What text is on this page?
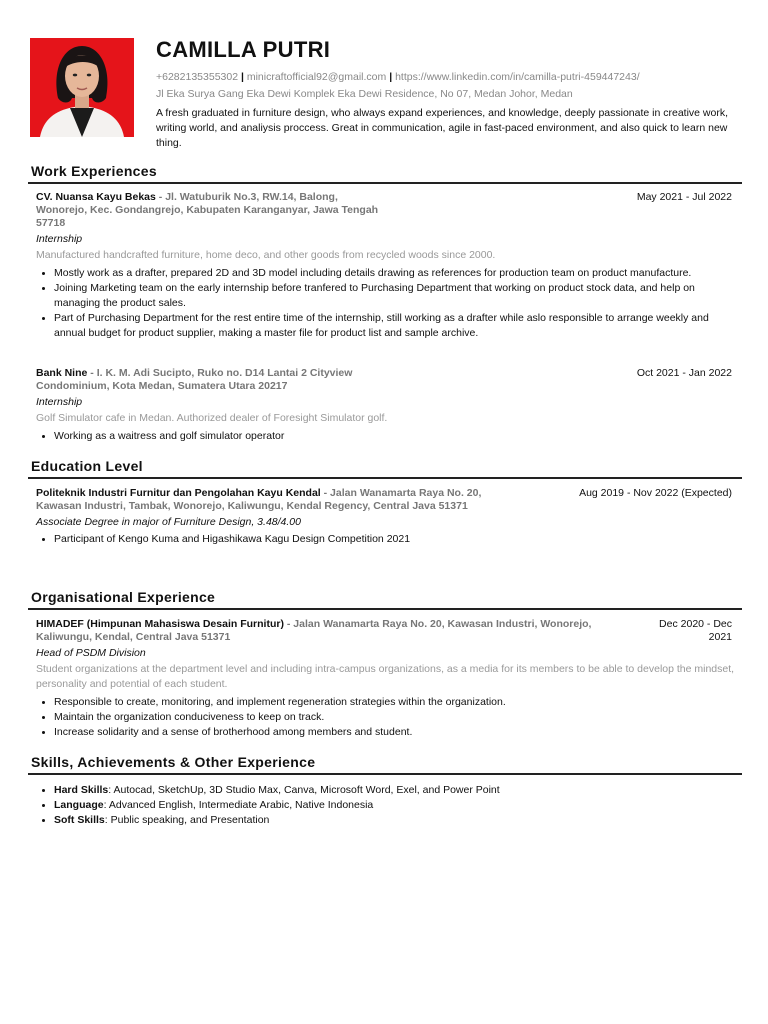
CAMILLA PUTRI
+6282135355302 | minicraftofficial92@gmail.com | https://www.linkedin.com/in/camilla-putri-459447243/
Jl Eka Surya Gang Eka Dewi Komplek Eka Dewi Residence, No 07, Medan Johor, Medan
A fresh graduated in furniture design, who always expand experiences, and knowledge, deeply passionate in creative work, writing world, and analiysis proccess. Great in communication, agile in fast-paced environment, and also quick to learn new thing.
Work Experiences
CV. Nuansa Kayu Bekas - Jl. Watuburik No.3, RW.14, Balong, Wonorejo, Kec. Gondangrejo, Kabupaten Karanganyar, Jawa Tengah 57718
May 2021 - Jul 2022
Internship
Manufactured handcrafted furniture, home deco, and other goods from recycled woods since 2000.
• Mostly work as a drafter, prepared 2D and 3D model including details drawing as references for production team on product manufacture.
• Joining Marketing team on the early internship before tranfered to Purchasing Department that working on product stock data, and help on managing the product sales.
• Part of Purchasing Department for the rest entire time of the internship, still working as a drafter while aslo responsible to arrange weekly and annual budget for product supplier, making a master file for product list and sample archive.
Bank Nine - I. K. M. Adi Sucipto, Ruko no. D14 Lantai 2 Cityview Condominium, Kota Medan, Sumatera Utara 20217
Oct 2021 - Jan 2022
Internship
Golf Simulator cafe in Medan. Authorized dealer of Foresight Simulator golf.
• Working as a waitress and golf simulator operator
Education Level
Politeknik Industri Furnitur dan Pengolahan Kayu Kendal - Jalan Wanamarta Raya No. 20, Kawasan Industri, Tambak, Wonorejo, Kaliwungu, Kendal Regency, Central Java 51371
Aug 2019 - Nov 2022 (Expected)
Associate Degree in major of Furniture Design, 3.48/4.00
• Participant of Kengo Kuma and Higashikawa Kagu Design Competition 2021
Organisational Experience
HIMADEF (Himpunan Mahasiswa Desain Furnitur) - Jalan Wanamarta Raya No. 20, Kawasan Industri, Wonorejo, Kaliwungu, Kendal, Central Java 51371
Dec 2020 - Dec
2021
Head of PSDM Division
Student organizations at the department level and including intra-campus organizations, as a media for its members to be able to develop the mindset, personality and potential of each student.
• Responsible to create, monitoring, and implement regeneration strategies within the organization.
• Maintain the organization conduciveness to keep on track.
• Increase solidarity and a sense of brotherhood among members and student.
Skills, Achievements & Other Experience
• Hard Skills: Autocad, SketchUp, 3D Studio Max, Canva, Microsoft Word, Exel, and Power Point
• Language: Advanced English, Intermediate Arabic, Native Indonesia
• Soft Skills: Public speaking, and Presentation
